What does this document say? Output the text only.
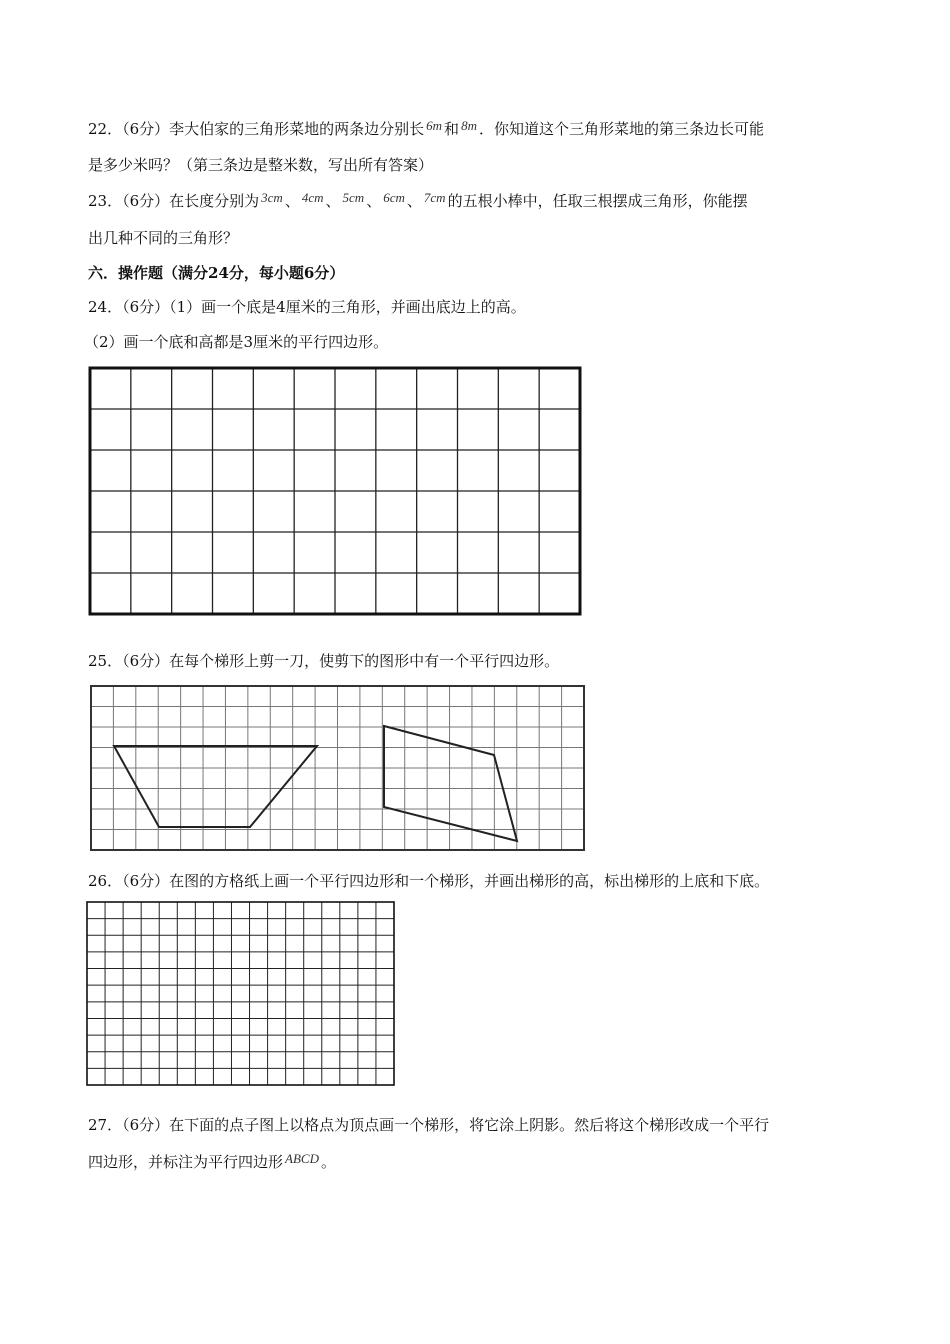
22．（6分）李大伯家的三角形菜地的两条边分别长 6m 和 8m ．你知道这个三角形菜地的第三条边长可能
是多少米吗？（第三条边是整米数，写出所有答案）
23．（6分）在长度分别为 3cm 、 4cm 、 5cm 、 6cm 、 7cm 的五根小棒中，任取三根摆成三角形，你能摆
出几种不同的三角形？
六．操作题（满分24分，每小题6分）
24．（6分）（1）画一个底是4厘米的三角形，并画出底边上的高。
（2）画一个底和高都是3厘米的平行四边形。
25．（6分）在每个梯形上剪一刀，使剪下的图形中有一个平行四边形。
26．（6分）在图的方格纸上画一个平行四边形和一个梯形，并画出梯形的高，标出梯形的上底和下底。
27．（6分）在下面的点子图上以格点为顶点画一个梯形，将它涂上阴影。然后将这个梯形改成一个平行
四边形，并标注为平行四边形 ABCD 。
